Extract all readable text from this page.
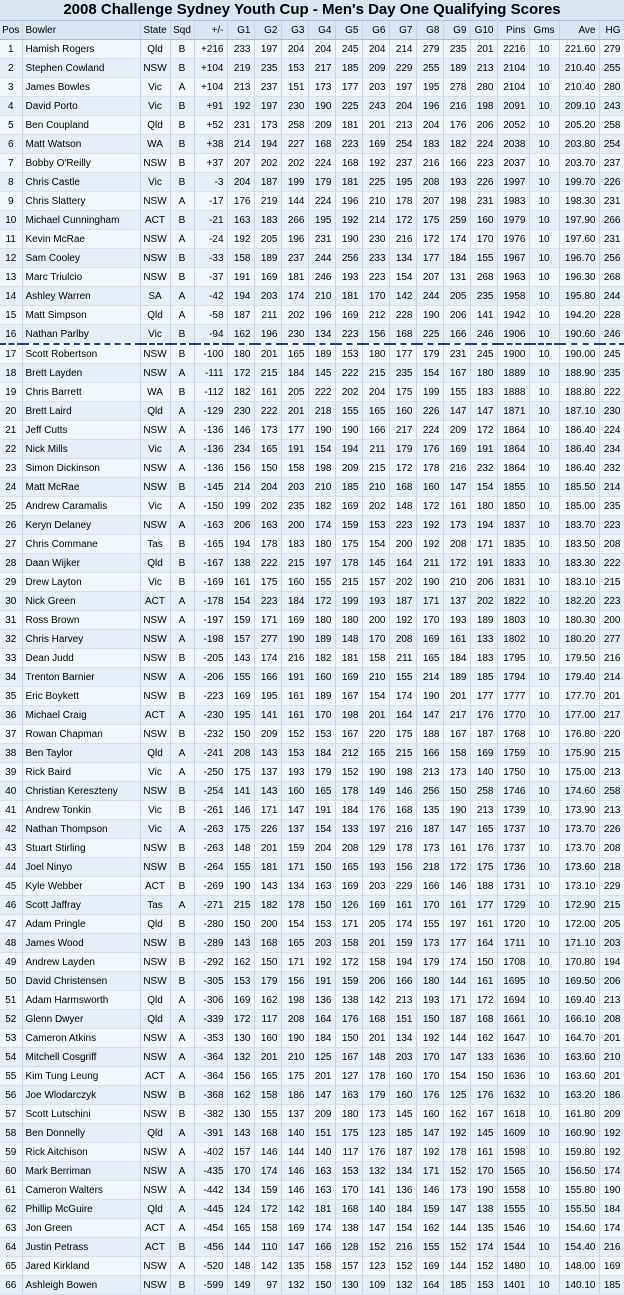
2008 Challenge Sydney Youth Cup - Men's Day One Qualifying Scores
Pos	Bowler	State	Sqd	+/-	G1	G2	G3	G4	G5	G6	G7	G8	G9	G10	Pins	Gms	Ave	HG
1	Hamish Rogers	Qld	B	+216	233	197	204	204	245	204	214	279	235	201	2216	10	221.60	279
2	Stephen Cowland	NSW	B	+104	219	235	153	217	185	209	229	255	189	213	2104	10	210.40	255
3	James Bowles	Vic	A	+104	213	237	151	173	177	203	197	195	278	280	2104	10	210.40	280
4	David Porto	Vic	B	+91	192	197	230	190	225	243	204	196	216	198	2091	10	209.10	243
5	Ben Coupland	Qld	B	+52	231	173	258	209	181	201	213	204	176	206	2052	10	205.20	258
6	Matt Watson	WA	B	+38	214	194	227	168	223	169	254	183	182	224	2038	10	203.80	254
7	Bobby O'Reilly	NSW	B	+37	207	202	202	224	168	192	237	216	166	223	2037	10	203.70	237
8	Chris Castle	Vic	B	-3	204	187	199	179	181	225	195	208	193	226	1997	10	199.70	226
9	Chris Slattery	NSW	A	-17	176	219	144	224	196	210	178	207	198	231	1983	10	198.30	231
10	Michael Cunningham	ACT	B	-21	163	183	266	195	192	214	172	175	259	160	1979	10	197.90	266
11	Kevin McRae	NSW	A	-24	192	205	196	231	190	230	216	172	174	170	1976	10	197.60	231
12	Sam Cooley	NSW	B	-33	158	189	237	244	256	233	134	177	184	155	1967	10	196.70	256
13	Marc Triulcio	NSW	B	-37	191	169	181	246	193	223	154	207	131	268	1963	10	196.30	268
14	Ashley Warren	SA	A	-42	194	203	174	210	181	170	142	244	205	235	1958	10	195.80	244
15	Matt Simpson	Qld	A	-58	187	211	202	196	169	212	228	190	206	141	1942	10	194.20	228
16	Nathan Parlby	Vic	B	-94	162	196	230	134	223	156	168	225	166	246	1906	10	190.60	246
17	Scott Robertson	NSW	B	-100	180	201	165	189	153	180	177	179	231	245	1900	10	190.00	245
18	Brett Layden	NSW	A	-111	172	215	184	145	222	215	235	154	167	180	1889	10	188.90	235
19	Chris Barrett	WA	B	-112	182	161	205	222	202	204	175	199	155	183	1888	10	188.80	222
20	Brett Laird	Qld	A	-129	230	222	201	218	155	165	160	226	147	147	1871	10	187.10	230
21	Jeff Cutts	NSW	A	-136	146	173	177	190	190	166	217	224	209	172	1864	10	186.40	224
22	Nick Mills	Vic	A	-136	234	165	191	154	194	211	179	176	169	191	1864	10	186.40	234
23	Simon Dickinson	NSW	A	-136	156	150	158	198	209	215	172	178	216	232	1864	10	186.40	232
24	Matt McRae	NSW	B	-145	214	204	203	210	185	210	168	160	147	154	1855	10	185.50	214
25	Andrew Caramalis	Vic	A	-150	199	202	235	182	169	202	148	172	161	180	1850	10	185.00	235
26	Keryn Delaney	NSW	A	-163	206	163	200	174	159	153	223	192	173	194	1837	10	183.70	223
27	Chris Commane	Tas	B	-165	194	178	183	180	175	154	200	192	208	171	1835	10	183.50	208
28	Daan Wijker	Qld	B	-167	138	222	215	197	178	145	164	211	172	191	1833	10	183.30	222
29	Drew Layton	Vic	B	-169	161	175	160	155	215	157	202	190	210	206	1831	10	183.10	215
30	Nick Green	ACT	A	-178	154	223	184	172	199	193	187	171	137	202	1822	10	182.20	223
31	Ross Brown	NSW	A	-197	159	171	169	180	180	200	192	170	193	189	1803	10	180.30	200
32	Chris Harvey	NSW	A	-198	157	277	190	189	148	170	208	169	161	133	1802	10	180.20	277
33	Dean Judd	NSW	B	-205	143	174	216	182	181	158	211	165	184	183	1795	10	179.50	216
34	Trenton Barnier	NSW	A	-206	155	166	191	160	169	210	155	214	189	185	1794	10	179.40	214
35	Eric Boykett	NSW	B	-223	169	195	161	189	167	154	174	190	201	177	1777	10	177.70	201
36	Michael Craig	ACT	A	-230	195	141	161	170	198	201	164	147	217	176	1770	10	177.00	217
37	Rowan Chapman	NSW	B	-232	150	209	152	153	167	220	175	188	167	187	1768	10	176.80	220
38	Ben Taylor	Qld	A	-241	208	143	153	184	212	165	215	166	158	169	1759	10	175.90	215
39	Rick Baird	Vic	A	-250	175	137	193	179	152	190	198	213	173	140	1750	10	175.00	213
40	Christian Kereszteny	NSW	B	-254	141	143	160	165	178	149	146	256	150	258	1746	10	174.60	258
41	Andrew Tonkin	Vic	B	-261	146	171	147	191	184	176	168	135	190	213	1739	10	173.90	213
42	Nathan Thompson	Vic	A	-263	175	226	137	154	133	197	216	187	147	165	1737	10	173.70	226
43	Stuart Stirling	NSW	B	-263	148	201	159	204	208	129	178	173	161	176	1737	10	173.70	208
44	Joel Ninyo	NSW	B	-264	155	181	171	150	165	193	156	218	172	175	1736	10	173.60	218
45	Kyle Webber	ACT	B	-269	190	143	134	163	169	203	229	166	146	188	1731	10	173.10	229
46	Scott Jaffray	Tas	A	-271	215	182	178	150	126	169	161	170	161	177	1729	10	172.90	215
47	Adam Pringle	Qld	B	-280	150	200	154	153	171	205	174	155	197	161	1720	10	172.00	205
48	James Wood	NSW	B	-289	143	168	165	203	158	201	159	173	177	164	1711	10	171.10	203
49	Andrew Layden	NSW	B	-292	162	150	171	192	172	158	194	179	174	150	1708	10	170.80	194
50	David Christensen	NSW	B	-305	153	179	156	191	159	206	166	180	144	161	1695	10	169.50	206
51	Adam Harmsworth	Qld	A	-306	169	162	198	136	138	142	213	193	171	172	1694	10	169.40	213
52	Glenn Dwyer	Qld	A	-339	172	117	208	164	176	168	151	150	187	168	1661	10	166.10	208
53	Cameron Atkins	NSW	A	-353	130	160	190	184	150	201	134	192	144	162	1647	10	164.70	201
54	Mitchell Cosgriff	NSW	A	-364	132	201	210	125	167	148	203	170	147	133	1636	10	163.60	210
55	Kim Tung Leung	ACT	A	-364	156	165	175	201	127	178	160	170	154	150	1636	10	163.60	201
56	Joe Wlodarczyk	NSW	B	-368	162	158	186	147	163	179	160	176	125	176	1632	10	163.20	186
57	Scott Lutschini	NSW	B	-382	130	155	137	209	180	173	145	160	162	167	1618	10	161.80	209
58	Ben Donnelly	Qld	A	-391	143	168	140	151	175	123	185	147	192	145	1609	10	160.90	192
59	Rick Aitchison	NSW	A	-402	157	146	144	140	117	176	187	192	178	161	1598	10	159.80	192
60	Mark Berriman	NSW	A	-435	170	174	146	163	153	132	134	171	152	170	1565	10	156.50	174
61	Cameron Walters	NSW	A	-442	134	159	146	163	170	141	136	146	173	190	1558	10	155.80	190
62	Phillip McGuire	Qld	A	-445	124	172	142	181	168	140	184	159	147	138	1555	10	155.50	184
63	Jon Green	ACT	A	-454	165	158	169	174	138	147	154	162	144	135	1546	10	154.60	174
64	Justin Petrass	ACT	B	-456	144	110	147	166	128	152	216	155	152	174	1544	10	154.40	216
65	Jared Kirkland	NSW	A	-520	148	142	135	158	157	123	152	169	144	152	1480	10	148.00	169
66	Ashleigh Bowen	NSW	B	-599	149	97	132	150	130	109	132	164	185	153	1401	10	140.10	185
